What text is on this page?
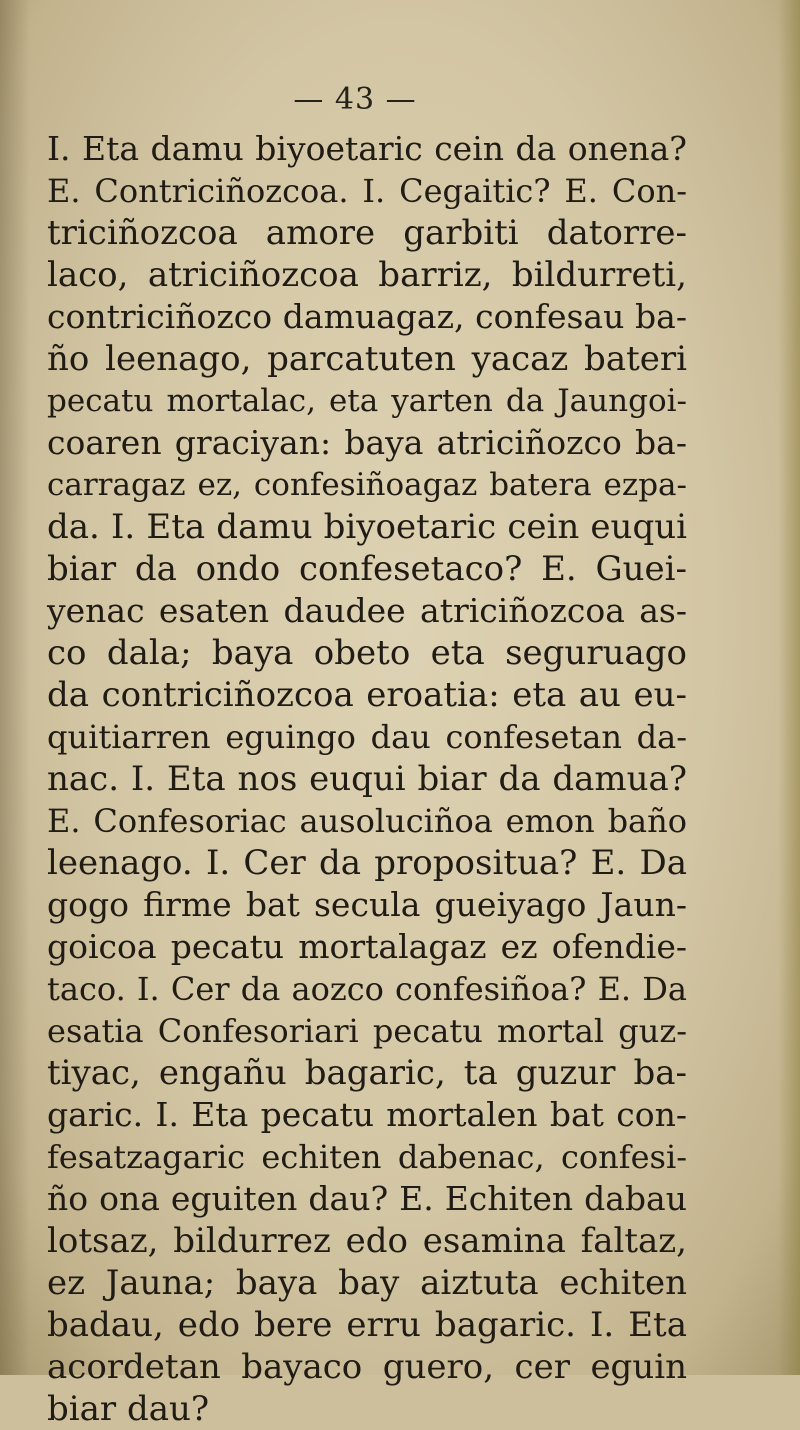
— 43 —
I. Eta damu biyoetaric cein da onena?
E. Contriciñozcoa. I. Cegaitic? E. Con-
triciñozcoa amore garbiti datorre-
laco, atriciñozcoa barriz, bildurreti,
contriciñozco damuagaz, confesau ba-
ño leenago, parcatuten yacaz bateri
pecatu mortalac, eta yarten da Jaungoi-
coaren graciyan: baya atriciñozco ba-
carragaz ez, confesiñoagaz batera ezpa-
da. I. Eta damu biyoetaric cein euqui
biar da ondo confesetaco? E. Guei-
yenac esaten daudee atriciñozcoa as-
co dala; baya obeto eta seguruago
da contriciñozcoa eroatia: eta au eu-
quitiarren eguingo dau confesetan da-
nac. I. Eta nos euqui biar da damua?
E. Confesoriac ausoluciñoa emon baño
leenago. I. Cer da propositua? E. Da
gogo firme bat secula gueiyago Jaun-
goicoa pecatu mortalagaz ez ofendie-
taco. I. Cer da aozco confesiñoa? E. Da
esatia Confesoriari pecatu mortal guz-
tiyac, engañu bagaric, ta guzur ba-
garic. I. Eta pecatu mortalen bat con-
fesatzagaric echiten dabenac, confesi-
ño ona eguiten dau? E. Echiten dabau
lotsaz, bildurrez edo esamina faltaz,
ez Jauna; baya bay aiztuta echiten
badau, edo bere erru bagaric. I. Eta
acordetan bayaco guero, cer eguin
biar dau?
